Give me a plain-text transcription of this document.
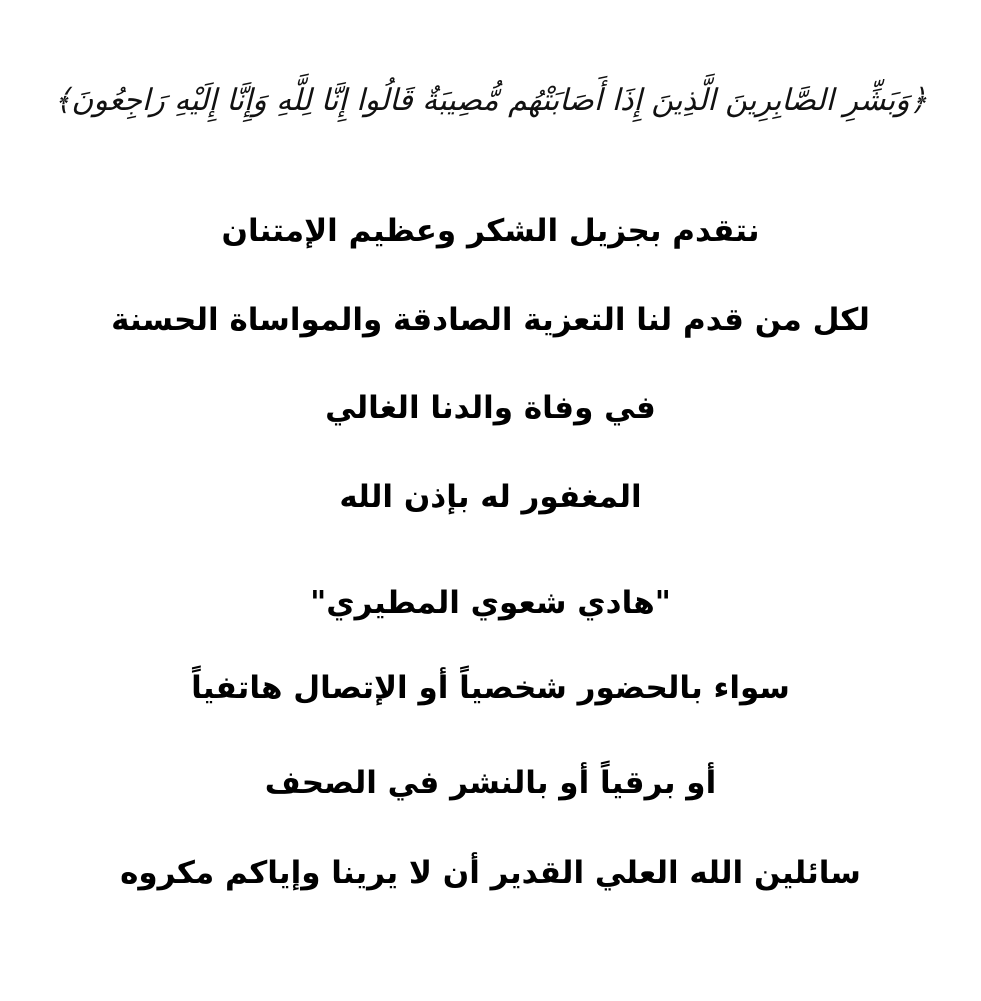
﴿وَبَشِّرِ الصَّابِرِينَ الَّذِينَ إِذَا أَصَابَتْهُم مُّصِيبَةٌ قَالُوا إِنَّا لِلَّهِ وَإِنَّا إِلَيْهِ رَاجِعُونَ﴾
نتقدم بجزيل الشكر وعظيم الإمتنان
لكل من قدم لنا التعزية الصادقة والمواساة الحسنة
في وفاة والدنا الغالي
المغفور له بإذن الله
"هادي شعوي المطيري"
سواء بالحضور شخصياً أو الإتصال هاتفياً
أو برقياً أو بالنشر في الصحف
سائلين الله العلي القدير أن لا يرينا وإياكم مكروه
